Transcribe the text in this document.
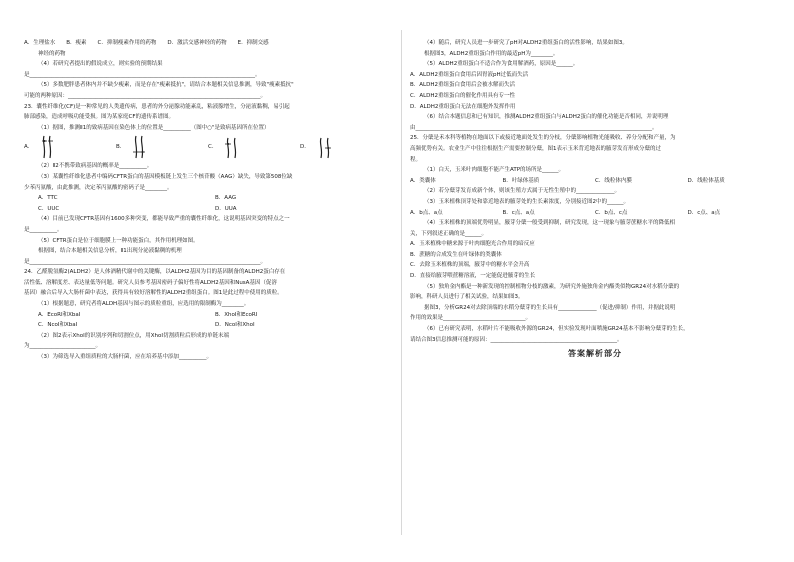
A．生理盐水　　B．瘦素　　C．抑制瘦素作用的药物　　D．激活交感神经的药物　　E．抑制交感
神经的药物
（4）若研究者提出的假说成立，则实验的预期结果
是__________________________________________________________________________________。
（5）多数肥胖患者体内并不缺少瘦素，而是存在"瘦素抵抗"，请结合本题相关信息推测，导致"瘦素抵抗"
可能的两种原因：______________________________________________________________________。
23．囊性纤维化(CF)是一种常见的人类遗传病，患者的外分泌腺功能紊乱，粘液腺增生，分泌液黏稠，易引起
肺部感染，造成呼吸功能受损。图为某家庭CF的遗传系谱图。
（1）据图，推测Ⅱ1的致病基因在染色体上的位置是__________（图中○"是致病基因所在位置）
A．	B．	C．	D．
（2）Ⅱ2不携带致病基因的概率是__________。
（3）某囊性纤维化患者中编码CFTR蛋白的基因模板链上发生三个核苷酸（AAG）缺失，导致第508位缺
少苯丙氨酸，由此推测，决定苯丙氨酸的密码子是________。
A．TTC	B．AAG
C．UUC	D．UUA
（4）目前已发现CFTR基因有1600多种突变，都能导致严重的囊性纤维化，这说明基因突变的特点之一
是__________。
（5）CFTR蛋白是位于细胞膜上一种功能蛋白，其作用机理如图。
根据图，结合本题相关信息分析，Ⅱ1出现分泌液黏稠的机理
是____________________________________________________________________________________。
24．乙醛脱氢酶2(ALDH2）是人体酒精代谢中的关键酶，以ALDH2基因为目的基因制备的ALDH2蛋白存在
活性低、溶解度差、表达量低等问题。研究人员参考基因密码子偏好性将ALDH2基因和NusA基因（促溶
基因）融合后导入大肠杆菌中表达，获得具有较好溶解性的ALDH2重组蛋白。图1是此过程中使用的质粒。
（1）根据题意，研究者将ALDH基因与图示的质粒重组，应选用的限制酶为________。
A．EcoRⅠ和XbaⅠ	B．XhoⅠ和EcoRⅠ
C．NcoⅠ和XbaⅠ	D．NcoⅠ和XhoⅠ
（2）图2表示XhoⅠ的识别序列和切割位点，用XhoⅠ切割质粒后形成的单链末端
为________________________。
（3）为筛选导入重组质粒的大肠杆菌，应在培养基中添加__________。
（4）随后，研究人员进一步研究了pH对ALDH2重组蛋白的活性影响，结果如图3。
根据图3，ALDH2重组蛋白作用的最适pH为________。
（5）ALDH2重组蛋白不适合作为食用解酒药，原因是______。
A．ALDH2重组蛋白食用后因胃液pH过低而失活
B．ALDH2重组蛋白食用后会被水解而失活
C．ALDH2重组蛋白的催化作用具有专一性
D．ALDH2重组蛋白无法在细胞外发挥作用
（6）结合本题信息和已有知识，推测ALDH2重组蛋白与ALDH2蛋白的催化功能是否相同，并说明理
由______________________________________________________________________________________。
25．分蘖是禾本科等植物在地面以下或接近地面处发生的分枝，分蘖影响植物光能吸收、养分分配和产量，为
高频优势有关。农业生产中往往根据生产需要控制分蘖，图1表示玉米背近地表的腋芽发育形成分蘖的过
程。
（1）白天，玉米叶肉细胞不能产生ATP的场所是______。
A．类囊体	B．叶绿体基质	C．线粒体内膜	D．线粒体基质
（2）若分蘖芽发育成新个体，则该生殖方式属于无性生殖中的______________。
（3）玉米植株顶芽处和靠近地表的腋芽处的生长素浓度，分别接近图2中的______。
A．b点、a点	B．c点、a点	C．b点、c点	D．c点、a点
（4）玉米植株的顶端优势明显，腋芽分蘖一般受到抑制，研究发现，这一现象与腋芽蔗糖水平的降低相
关，下列叙述正确的是______。
A．玉米植株中糖来源于叶肉细胞光合作用的暗反应
B．蔗糖的合成发生在叶绿体的类囊体
C．去除玉米植株的顶端，腋芽中的糖水平会升高
D．直接给腋芽喂蔗糖溶液，一定能促进腋芽的生长
（5）独角金内酯是一种新发现的控制植物分枝的激素，为研究外施独角金内酯类似物GR24对水稻分蘖的
影响，科研人员进行了相关试验，结果如图3。
据图3，分析GR24对去除顶端的水稻分蘖芽的生长具有______________（促进/抑制）作用，并据此说明
作用的效果是______________________________。
（6）已有研究表明，水稻叶片不能吸收外源的GR24，但实验发现叶面喷施GR24基本不影响分蘖芽的生长，
请结合图3信息推测可能的原因：______________________________________________。
答案解析部分
